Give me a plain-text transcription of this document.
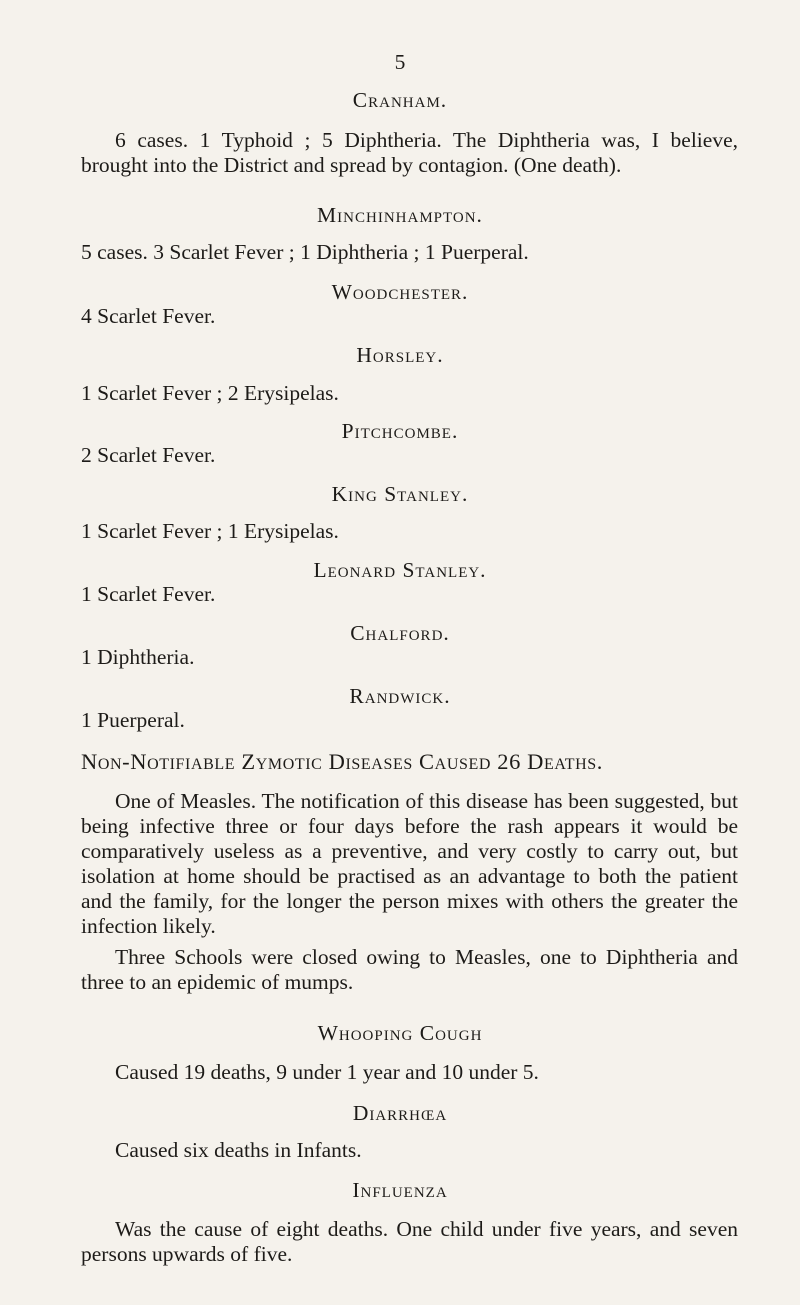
5
Cranham.
6 cases. 1 Typhoid ; 5 Diphtheria. The Diphtheria was, I believe, brought into the District and spread by contagion. (One death).
Minchinhampton.
5 cases. 3 Scarlet Fever ; 1 Diphtheria ; 1 Puerperal.
Woodchester.
4 Scarlet Fever.
Horsley.
1 Scarlet Fever ; 2 Erysipelas.
Pitchcombe.
2 Scarlet Fever.
King Stanley.
1 Scarlet Fever ; 1 Erysipelas.
Leonard Stanley.
1 Scarlet Fever.
Chalford.
1 Diphtheria.
Randwick.
1 Puerperal.
Non-Notifiable Zymotic Diseases Caused 26 Deaths.
One of Measles. The notification of this disease has been suggested, but being infective three or four days before the rash appears it would be comparatively useless as a preventive, and very costly to carry out, but isolation at home should be practised as an advantage to both the patient and the family, for the longer the person mixes with others the greater the infection likely.
Three Schools were closed owing to Measles, one to Diphtheria and three to an epidemic of mumps.
Whooping Cough
Caused 19 deaths, 9 under 1 year and 10 under 5.
Diarrhœa
Caused six deaths in Infants.
Influenza
Was the cause of eight deaths. One child under five years, and seven persons upwards of five.
